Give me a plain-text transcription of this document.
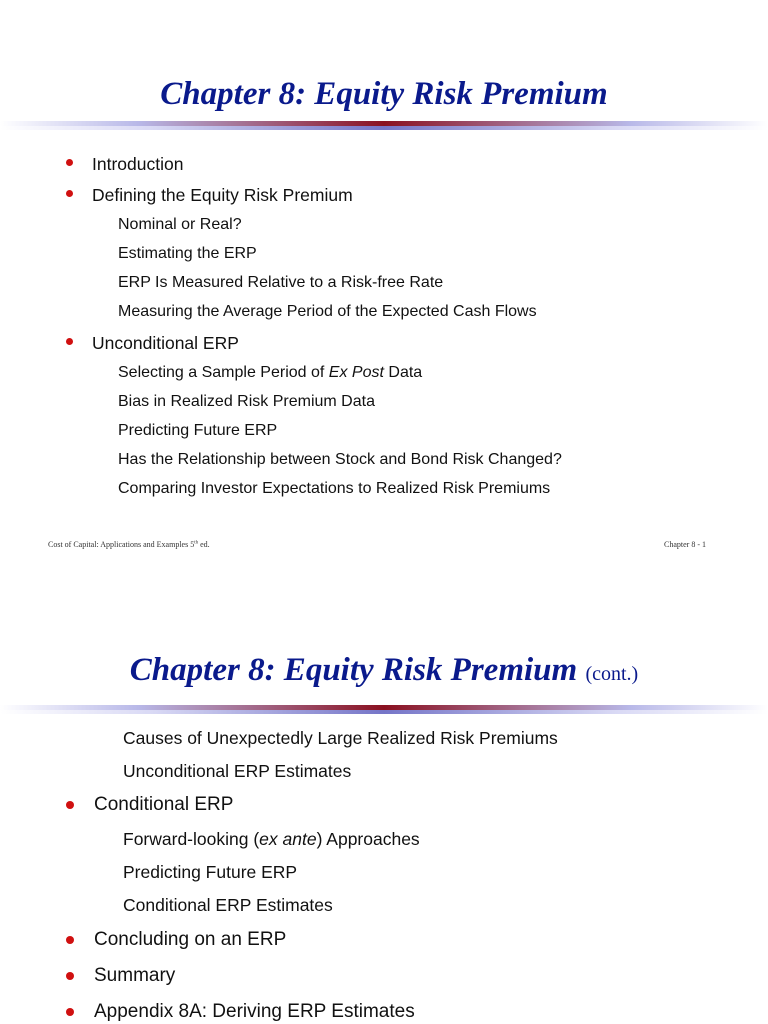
Chapter 8: Equity Risk Premium
Introduction
Defining the Equity Risk Premium
Nominal or Real?
Estimating the ERP
ERP Is Measured Relative to a Risk-free Rate
Measuring the Average Period of the Expected Cash Flows
Unconditional ERP
Selecting a Sample Period of Ex Post Data
Bias in Realized Risk Premium Data
Predicting Future ERP
Has the Relationship between Stock and Bond Risk Changed?
Comparing Investor Expectations to Realized Risk Premiums
Cost of Capital: Applications and Examples 5th ed.	Chapter 8 - 1
Chapter 8: Equity Risk Premium (cont.)
Causes of Unexpectedly Large Realized Risk Premiums
Unconditional ERP Estimates
Conditional ERP
Forward-looking (ex ante) Approaches
Predicting Future ERP
Conditional ERP Estimates
Concluding on an ERP
Summary
Appendix 8A: Deriving ERP Estimates
